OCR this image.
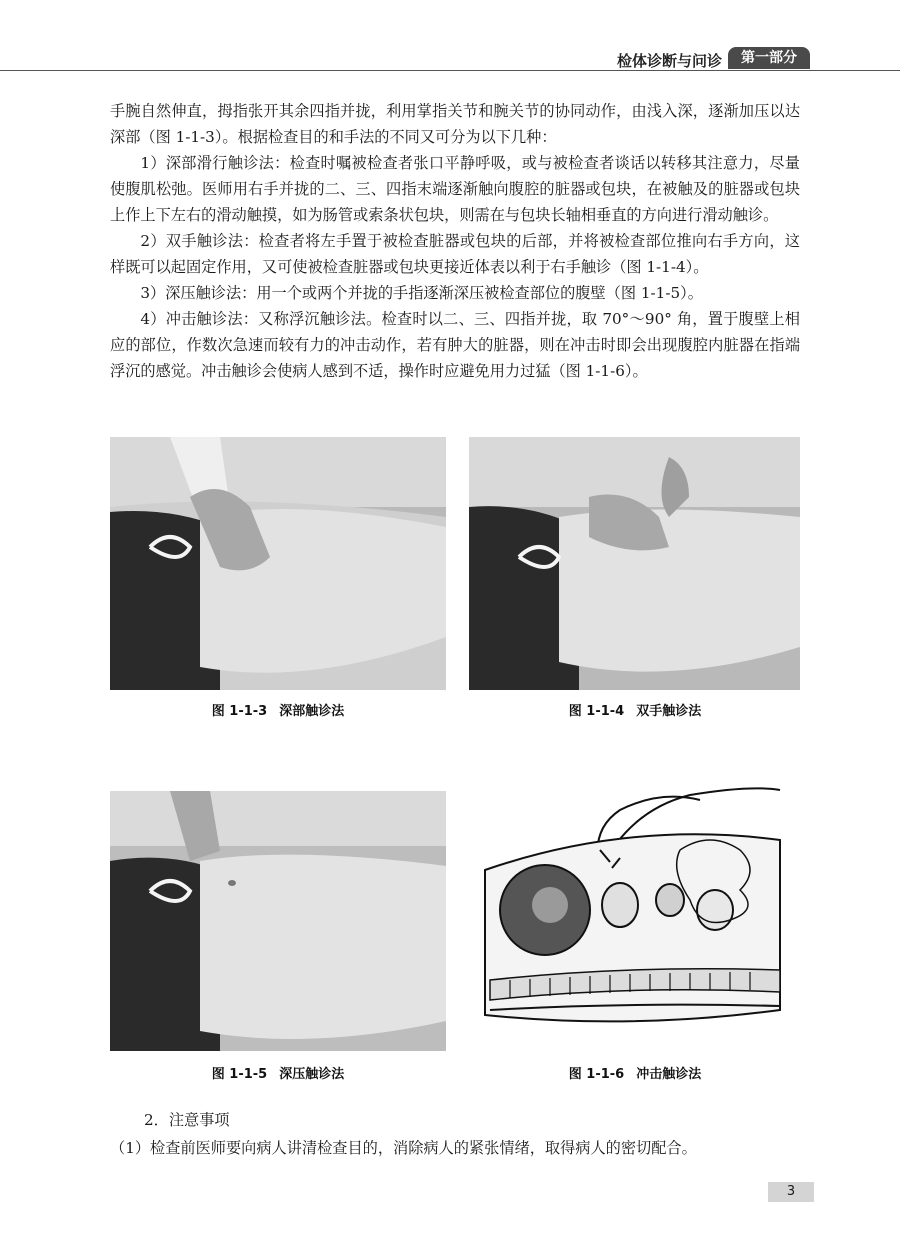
检体诊断与问诊	第一部分

手腕自然伸直，拇指张开其余四指并拢，利用掌指关节和腕关节的协同动作，由浅入深，逐渐加压以达深部（图 1-1-3）。根据检查目的和手法的不同又可分为以下几种：

1）深部滑行触诊法：检查时嘱被检查者张口平静呼吸，或与被检查者谈话以转移其注意力，尽量使腹肌松弛。医师用右手并拢的二、三、四指末端逐渐触向腹腔的脏器或包块，在被触及的脏器或包块上作上下左右的滑动触摸，如为肠管或索条状包块，则需在与包块长轴相垂直的方向进行滑动触诊。

2）双手触诊法：检查者将左手置于被检查脏器或包块的后部，并将被检查部位推向右手方向，这样既可以起固定作用，又可使被检查脏器或包块更接近体表以利于右手触诊（图 1-1-4）。

3）深压触诊法：用一个或两个并拢的手指逐渐深压被检查部位的腹壁（图 1-1-5）。

4）冲击触诊法：又称浮沉触诊法。检查时以二、三、四指并拢，取 70°～90° 角，置于腹壁上相应的部位，作数次急速而较有力的冲击动作，若有肿大的脏器，则在冲击时即会出现腹腔内脏器在指端浮沉的感觉。冲击触诊会使病人感到不适，操作时应避免用力过猛（图 1-1-6）。

图 1-1-3 深部触诊法	图 1-1-4 双手触诊法
图 1-1-5 深压触诊法	图 1-1-6 冲击触诊法
2．注意事项
（1）检查前医师要向病人讲清检查目的，消除病人的紧张情绪，取得病人的密切配合。
3
